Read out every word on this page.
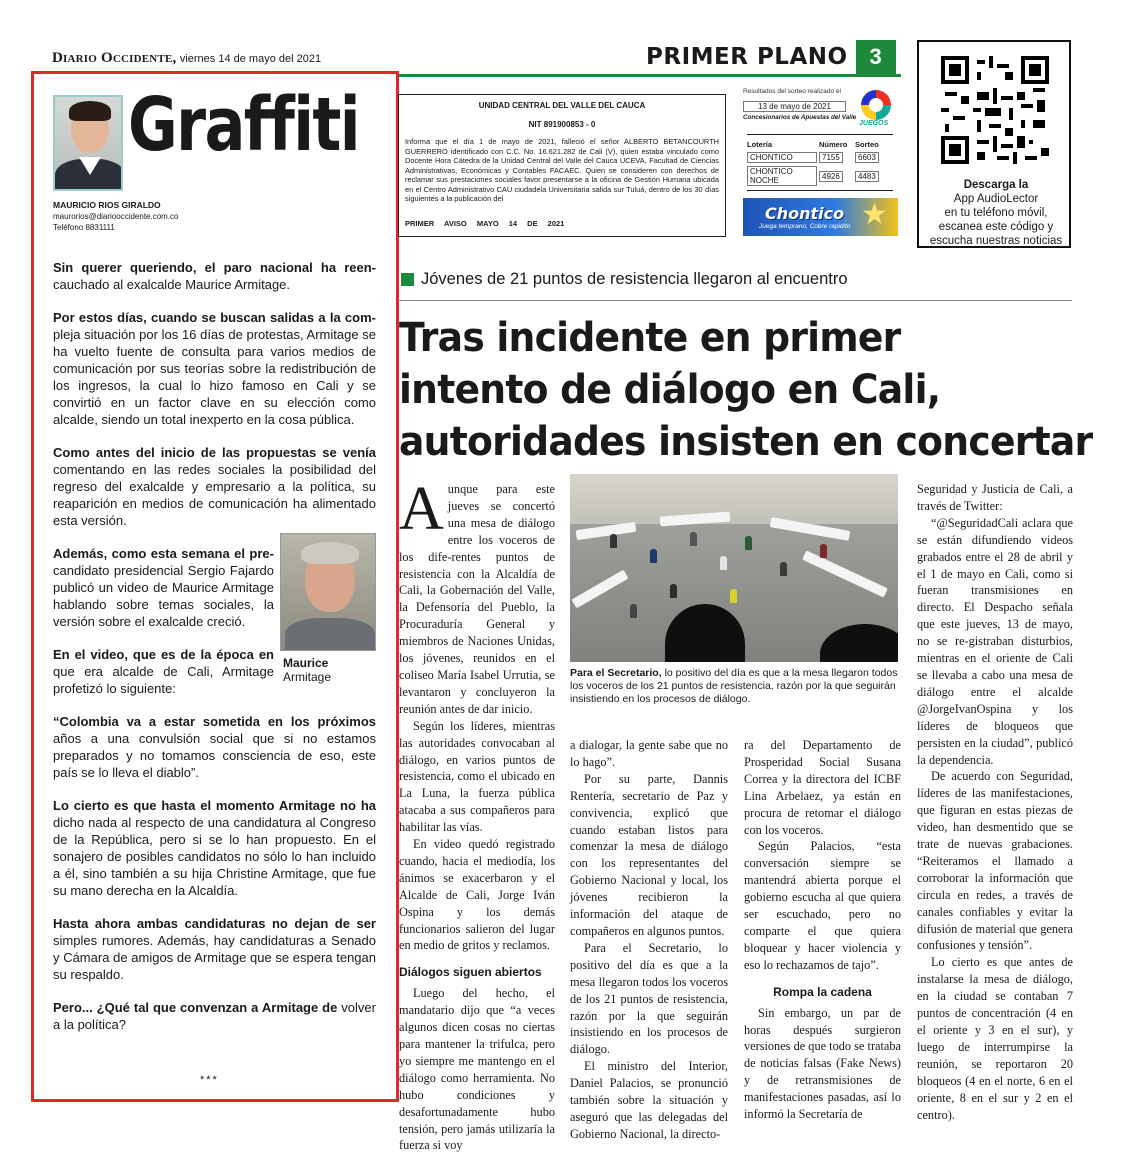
Diario Occidente, viernes 14 de mayo del 2021	PRIMER PLANO 3
Graffiti
MAURICIO RIOS GIRALDO
maurorios@diariooccidente.com.co
Teléfono 8831111

Sin querer queriendo, el paro nacional ha reen- cauchado al exalcalde Maurice Armitage.

Por estos días, cuando se buscan salidas a la com- pleja situación por los 16 días de protestas, Armitage se ha vuelto fuente de consulta para varios medios de comunicación por sus teorías sobre la redistribución de los ingresos, la cual lo hizo famoso en Cali y se convirtió en un factor clave en su elección como alcalde, siendo un total inexperto en la cosa pública.

Como antes del inicio de las propuestas se venía comentando en las redes sociales la posibilidad del regreso del exalcalde y empresario a la política, su reaparición en medios de comunicación ha alimentado esta versión.

Además, como esta semana el pre- candidato presidencial Sergio Fajardo publicó un video de Maurice Armitage hablando sobre temas sociales, la versión sobre el exalcalde creció.

En el video, que es de la época en que era alcalde de Cali, Armitage profetizó lo siguiente:

“Colombia va a estar sometida en los próximos años a una convulsión social que si no estamos preparados y no tomamos consciencia de eso, este país se lo lleva el diablo”.

Lo cierto es que hasta el momento Armitage no ha dicho nada al respecto de una candidatura al Congreso de la República, pero si se lo han propuesto. En el sonajero de posibles candidatos no sólo lo han incluido a él, sino también a su hija Christine Armitage, que fue su mano derecha en la Alcaldía.

Hasta ahora ambas candidaturas no dejan de ser simples rumores. Además, hay candidaturas a Senado y Cámara de amigos de Armitage que se espera tengan su respaldo.

Pero... ¿Qué tal que convenzan a Armitage de volver a la política?

Maurice
Armitage
***
UNIDAD CENTRAL DEL VALLE DEL CAUCA
NIT 891900853 - 0
Informa que el día 1 de mayo de 2021, falleció el señor ALBERTO BETANCOURTH GUERRERO identificado con C.C. No. 16.621.282 de Cali (V), quien estaba vinculado como Docente Hora Cátedra de la Unidad Central del Valle del Cauca UCEVA, Facultad de Ciencias Administrativas, Económicas y Contables FACAEC. Quien se consideren con derechos de reclamar sus prestaciones sociales favor presentarse a la oficina de Gestión Humana ubicada en el Centro Administrativo CAU ciudadela Universitaria salida sur Tuluá, dentro de los 30 días siguientes a la publicación del
PRIMER AVISO MAYO 14 DE 2021
Resultados del sorteo realizado el
13 de mayo de 2021
Concesionarios de Apuestas del Valle
JUEGOS
Lotería	Número	Sorteo
CHONTICO	7155	6603
CHONTICO NOCHE	4926	4483
Chontico
Juega temprano, Cobre rapidito ★
Descarga la
App AudioLector
en tu teléfono móvil,
escanea este código y
escucha nuestras noticias
Jóvenes de 21 puntos de resistencia llegaron al encuentro
Tras incidente en primer
intento de diálogo en Cali,
autoridades insisten en concertar
Para el Secretario, lo positivo del día es que a la mesa llegaron todos los voceros de los 21 puntos de resistencia, razón por la que seguirán insistiendo en los procesos de diálogo.

Aunque para este jueves se concertó una mesa de diálogo entre los voceros de los dife-rentes puntos de resistencia con la Alcaldía de Cali, la Gobernación del Valle, la Defensoría del Pueblo, la Procuraduría General y miembros de Naciones Unidas, los jóvenes, reunidos en el coliseo María Isabel Urrutia, se levantaron y concluyeron la reunión antes de dar inicio.

Según los líderes, mientras las autoridades convocaban al diálogo, en varios puntos de resistencia, como el ubicado en La Luna, la fuerza pública atacaba a sus compañeros para habilitar las vías.

En video quedó registrado cuando, hacia el mediodía, los ánimos se exacerbaron y el Alcalde de Cali, Jorge Iván Ospina y los demás funcionarios salieron del lugar en medio de gritos y reclamos.

Diálogos siguen abiertos

Luego del hecho, el mandatario dijo que “a veces algunos dicen cosas no ciertas para mantener la trifulca, pero yo siempre me mantengo en el diálogo como herramienta. No hubo condiciones y desafortunadamente hubo tensión, pero jamás utilizaría la fuerza si voy

a dialogar, la gente sabe que no lo hago”.

Por su parte, Dannis Rentería, secretario de Paz y convivencia, explicó que cuando estaban listos para comenzar la mesa de diálogo con los representantes del Gobierno Nacional y local, los jóvenes recibieron la información del ataque de compañeros en algunos puntos.

Para el Secretario, lo positivo del día es que a la mesa llegaron todos los voceros de los 21 puntos de resistencia, razón por la que seguirán insistiendo en los procesos de diálogo.

El ministro del Interior, Daniel Palacios, se pronunció también sobre la situación y aseguró que las delegadas del Gobierno Nacional, la directo-

ra del Departamento de Prosperidad Social Susana Correa y la directora del ICBF Lina Arbelaez, ya están en procura de retomar el diálogo con los voceros.

Según Palacios, “esta conversación siempre se mantendrá abierta porque el gobierno escucha al que quiera ser escuchado, pero no comparte el que quiera bloquear y hacer violencia y eso lo rechazamos de tajo”.

Rompa la cadena

Sin embargo, un par de horas después surgieron versiones de que todo se trataba de noticias falsas (Fake News) y de retransmisiones de manifestaciones pasadas, así lo informó la Secretaría de

Seguridad y Justicia de Cali, a través de Twitter:

“@SeguridadCali aclara que se están difundiendo videos grabados entre el 28 de abril y el 1 de mayo en Cali, como si fueran transmisiones en directo. El Despacho señala que este jueves, 13 de mayo, no se re-gistraban disturbios, mientras en el oriente de Cali se llevaba a cabo una mesa de diálogo entre el alcalde @JorgeIvanOspina y los líderes de bloqueos que persisten en la ciudad”, publicó la dependencia.

De acuerdo con Seguridad, líderes de las manifestaciones, que figuran en estas piezas de video, han desmentido que se trate de nuevas grabaciones. “Reiteramos el llamado a corroborar la información que circula en redes, a través de canales confiables y evitar la difusión de material que genera confusiones y tensión”.

Lo cierto es que antes de instalarse la mesa de diálogo, en la ciudad se contaban 7 puntos de concentración (4 en el oriente y 3 en el sur), y luego de interrumpirse la reunión, se reportaron 20 bloqueos (4 en el norte, 6 en el oriente, 8 en el sur y 2 en el centro).
